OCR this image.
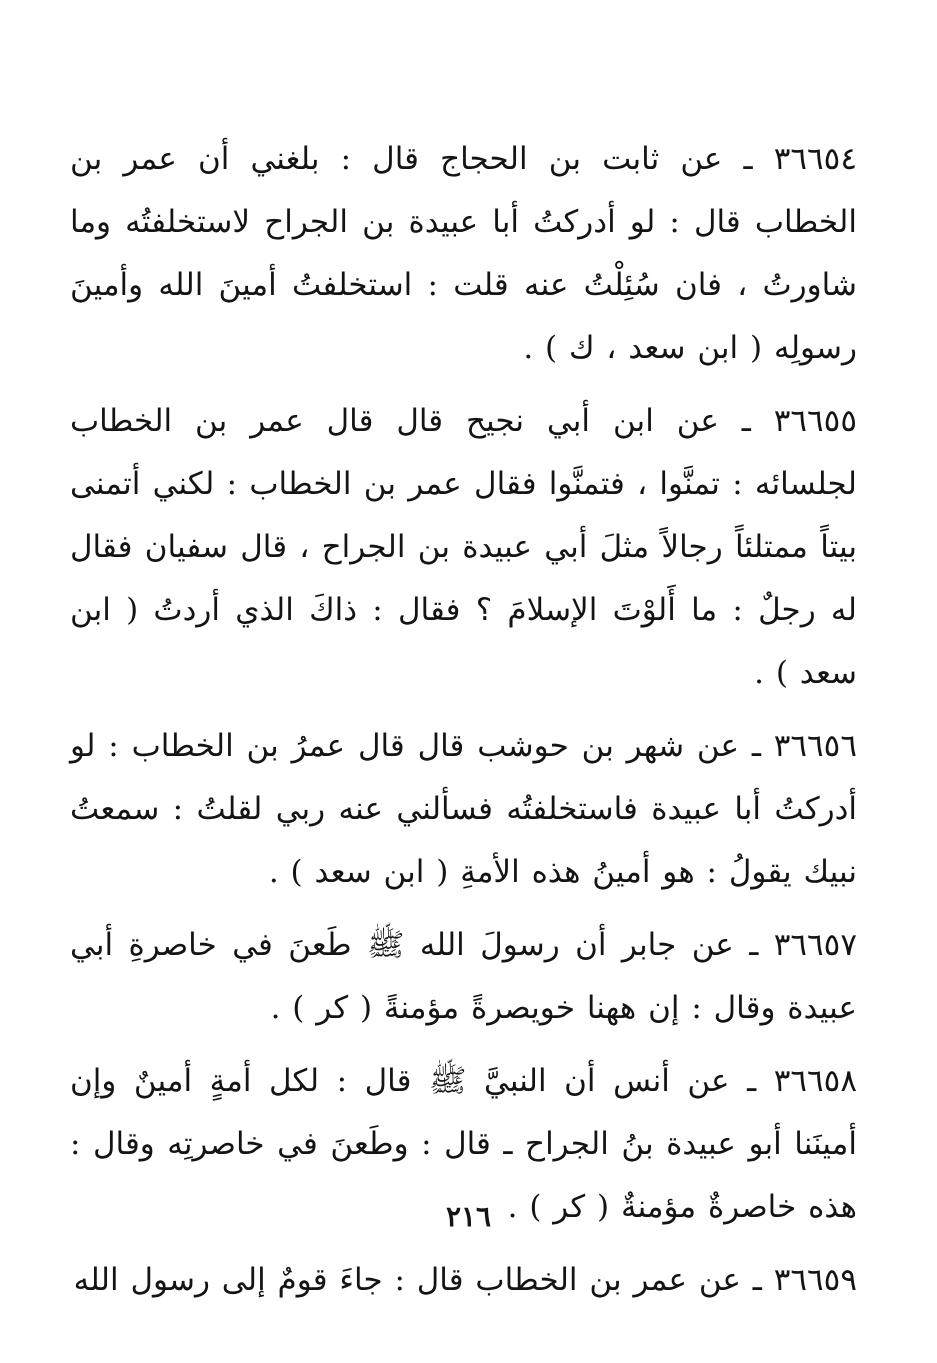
٣٦٦٥٤ ـ عن ثابت بن الحجاج قال : بلغني أن عمر بن الخطاب قال : لو أدركتُ أبا عبيدة بن الجراح لاستخلفتُه وما شاورتُ ، فان سُئِلْتُ عنه قلت : استخلفتُ أمينَ الله وأمينَ رسولِه ( ابن سعد ، ك ) .

٣٦٦٥٥ ـ عن ابن أبي نجيح قال قال عمر بن الخطاب لجلسائه : تمنَّوا ، فتمنَّوا فقال عمر بن الخطاب : لكني أتمنى بيتاً ممتلئاً رجالاً مثلَ أبي عبيدة بن الجراح ، قال سفيان فقال له رجلٌ : ما أَلوْتَ الإسلامَ ؟ فقال : ذاكَ الذي أردتُ ( ابن سعد ) .

٣٦٦٥٦ ـ عن شهر بن حوشب قال قال عمرُ بن الخطاب : لو أدركتُ أبا عبيدة فاستخلفتُه فسألني عنه ربي لقلتُ : سمعتُ نبيك يقولُ : هو أمينُ هذه الأمةِ ( ابن سعد ) .

٣٦٦٥٧ ـ عن جابر أن رسولَ الله ﷺ طَعنَ في خاصرةِ أبي عبيدة وقال : إن ههنا خويصرةً مؤمنةً ( كر ) .

٣٦٦٥٨ ـ عن أنس أن النبيَّ ﷺ قال : لكل أمةٍ أمينٌ وإن أمينَنا أبو عبيدة بنُ الجراح ـ قال : وطَعنَ في خاصرتِه وقال : هذه خاصرةٌ مؤمنةٌ ( كر ) .

٣٦٦٥٩ ـ عن عمر بن الخطاب قال : جاءَ قومٌ إلى رسول الله

٢١٦
